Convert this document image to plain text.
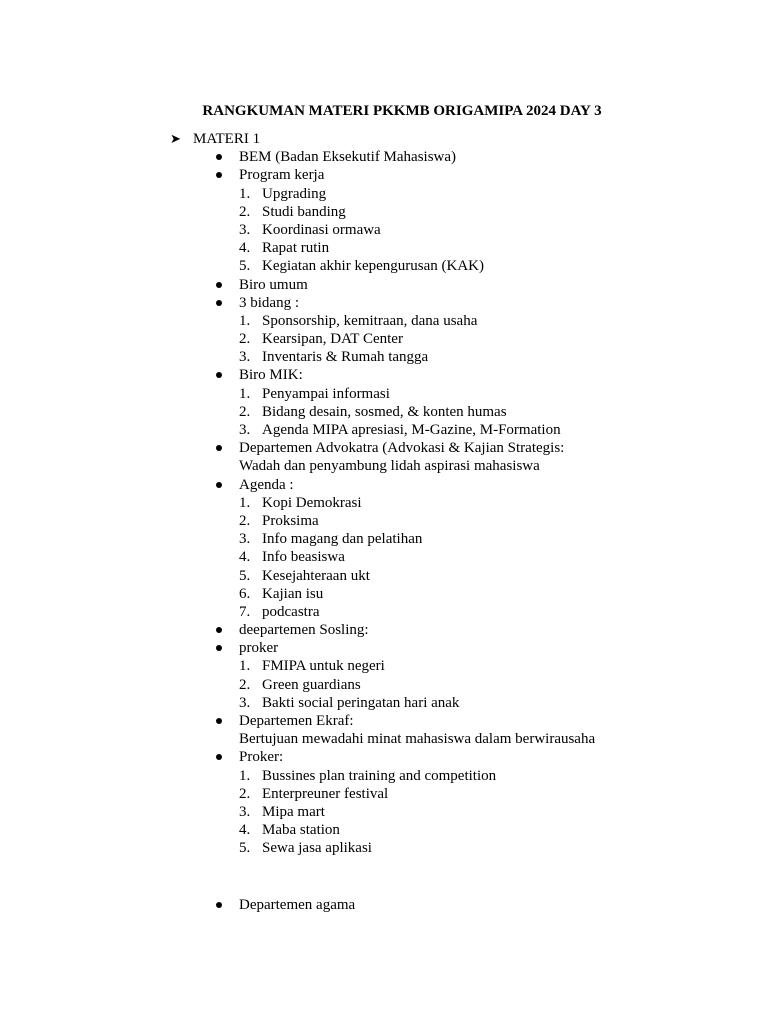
RANGKUMAN MATERI PKKMB ORIGAMIPA 2024 DAY 3
➤ MATERI 1
BEM (Badan Eksekutif Mahasiswa)
Program kerja
1. Upgrading
2. Studi banding
3. Koordinasi ormawa
4. Rapat rutin
5. Kegiatan akhir kepengurusan (KAK)
Biro umum
3 bidang :
1. Sponsorship, kemitraan, dana usaha
2. Kearsipan, DAT Center
3. Inventaris & Rumah tangga
Biro MIK:
1. Penyampai informasi
2. Bidang desain, sosmed, & konten humas
3. Agenda MIPA apresiasi, M-Gazine, M-Formation
Departemen Advokatra (Advokasi & Kajian Strategis:
Wadah dan penyambung lidah aspirasi mahasiswa
Agenda :
1. Kopi Demokrasi
2. Proksima
3. Info magang dan pelatihan
4. Info beasiswa
5. Kesejahteraan ukt
6. Kajian isu
7. podcastra
deepartemen Sosling:
proker
1. FMIPA untuk negeri
2. Green guardians
3. Bakti social peringatan hari anak
Departemen Ekraf:
Bertujuan mewadahi minat mahasiswa dalam berwirausaha
Proker:
1. Bussines plan training and competition
2. Enterpreuner festival
3. Mipa mart
4. Maba station
5. Sewa jasa aplikasi
Departemen agama
